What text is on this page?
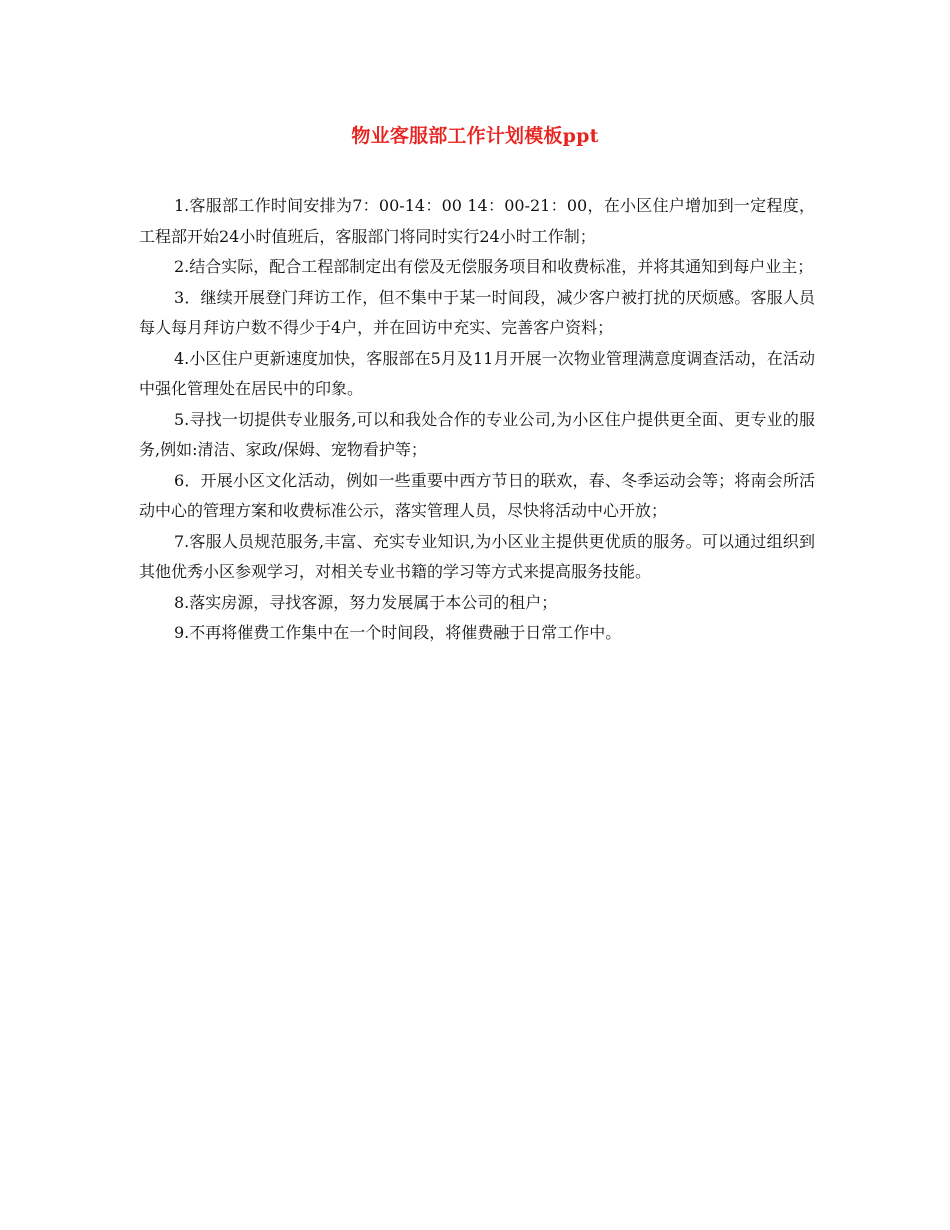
物业客服部工作计划模板ppt

1.客服部工作时间安排为7：00-14：00 14：00-21：00，在小区住户增加到一定程度，工程部开始24小时值班后，客服部门将同时实行24小时工作制；

2.结合实际，配合工程部制定出有偿及无偿服务项目和收费标准，并将其通知到每户业主；

3．继续开展登门拜访工作，但不集中于某一时间段，减少客户被打扰的厌烦感。客服人员每人每月拜访户数不得少于4户，并在回访中充实、完善客户资料；

4.小区住户更新速度加快，客服部在5月及11月开展一次物业管理满意度调查活动，在活动中强化管理处在居民中的印象。

5.寻找一切提供专业服务,可以和我处合作的专业公司,为小区住户提供更全面、更专业的服务,例如:清洁、家政/保姆、宠物看护等；

6．开展小区文化活动，例如一些重要中西方节日的联欢，春、冬季运动会等；将南会所活动中心的管理方案和收费标准公示，落实管理人员，尽快将活动中心开放；

7.客服人员规范服务,丰富、充实专业知识,为小区业主提供更优质的服务。可以通过组织到其他优秀小区参观学习，对相关专业书籍的学习等方式来提高服务技能。

8.落实房源，寻找客源，努力发展属于本公司的租户；

9.不再将催费工作集中在一个时间段，将催费融于日常工作中。
